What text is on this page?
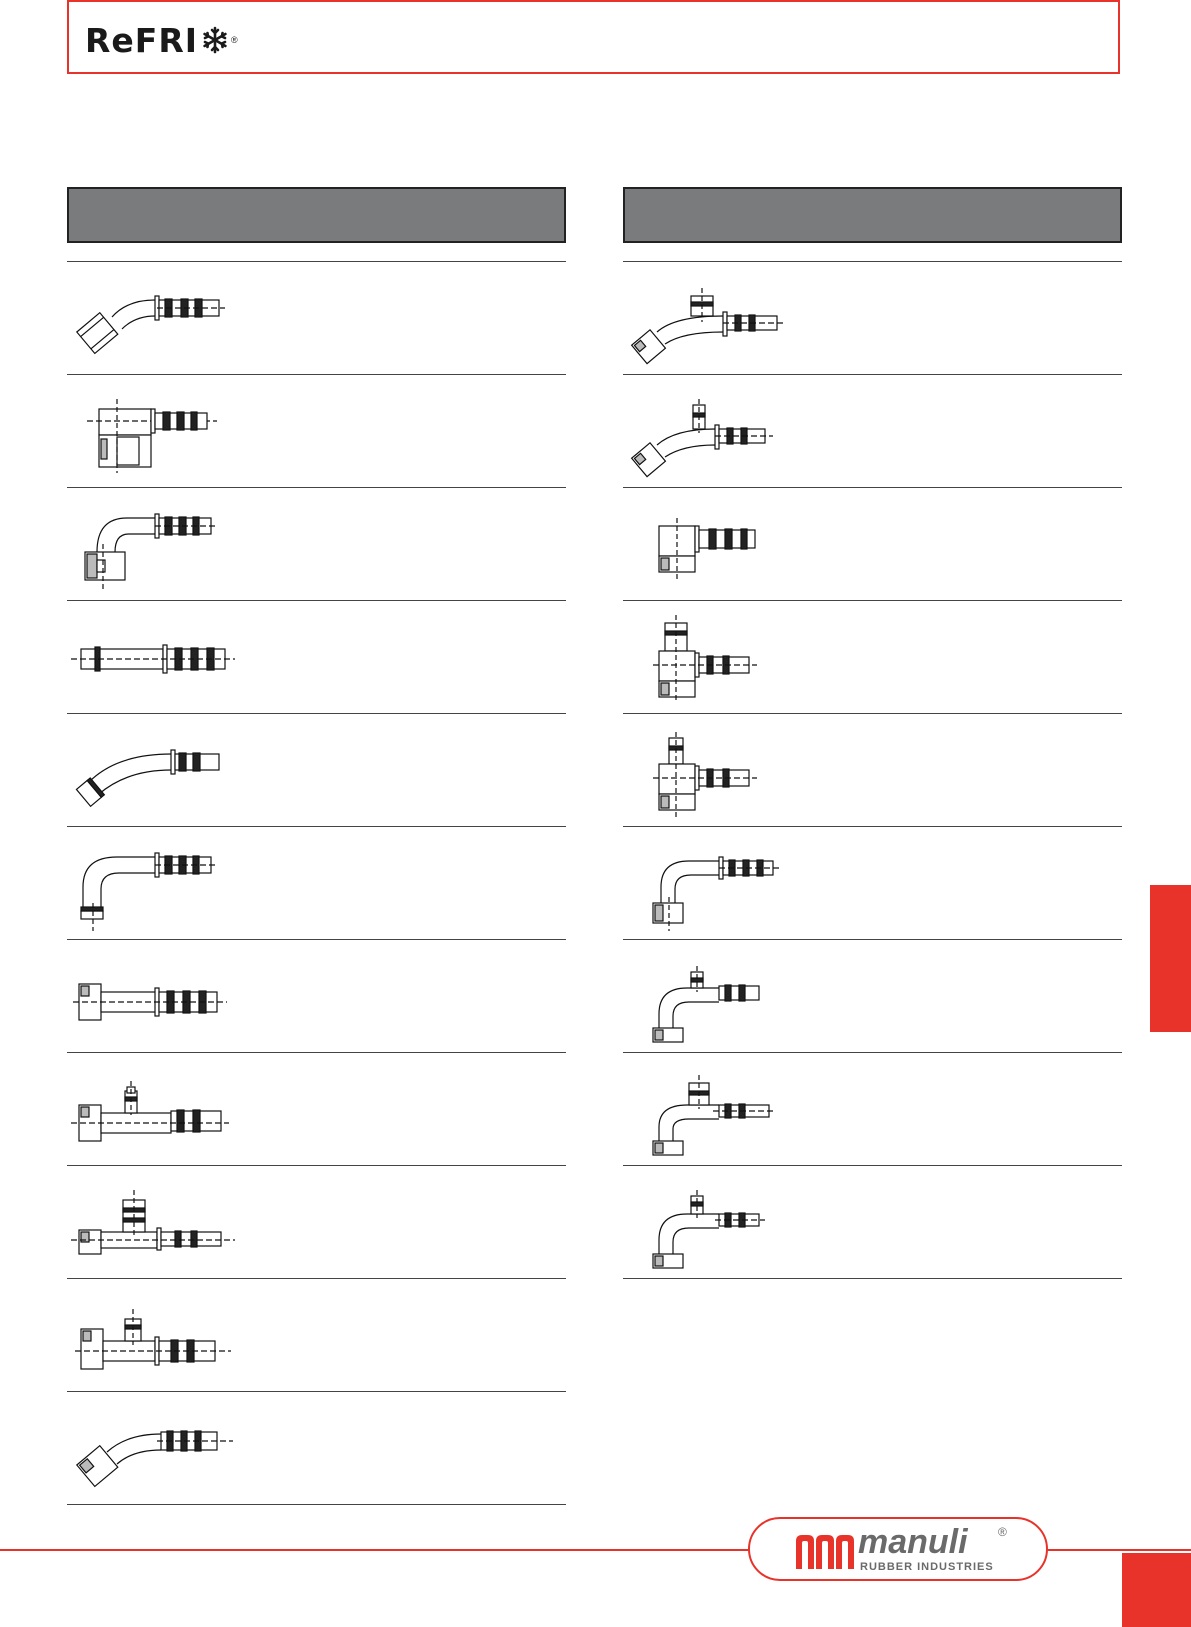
ReFRI	®
manuli	®
RUBBER INDUSTRIES
